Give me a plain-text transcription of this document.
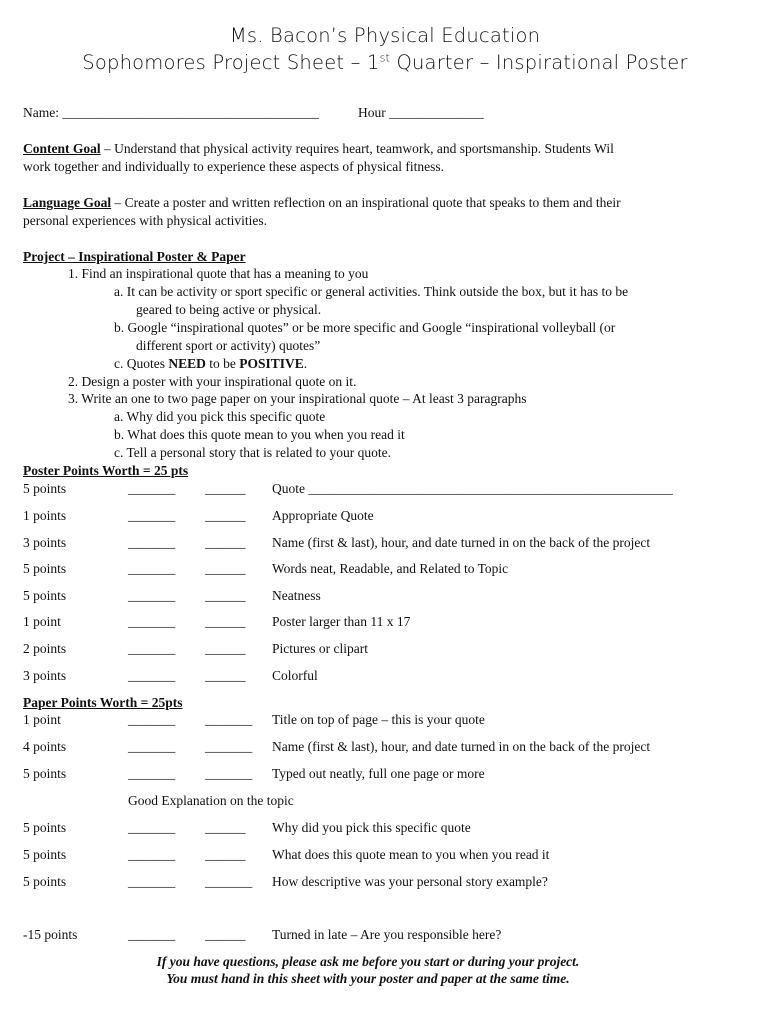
Ms. Bacon’s Physical Education
Sophomores Project Sheet – 1st Quarter – Inspirational Poster
Name: ______________________________________	Hour ______________
Content Goal – Understand that physical activity requires heart, teamwork, and sportsmanship. Students Wil
work together and individually to experience these aspects of physical fitness.
Language Goal – Create a poster and written reflection on an inspirational quote that speaks to them and their
personal experiences with physical activities.
Project – Inspirational Poster & Paper
1. Find an inspirational quote that has a meaning to you
a. It can be activity or sport specific or general activities. Think outside the box, but it has to be
geared to being active or physical.
b. Google “inspirational quotes” or be more specific and Google “inspirational volleyball (or
different sport or activity) quotes”
c. Quotes NEED to be POSITIVE.
2. Design a poster with your inspirational quote on it.
3. Write an one to two page paper on your inspirational quote – At least 3 paragraphs
a. Why did you pick this specific quote
b. What does this quote mean to you when you read it
c. Tell a personal story that is related to your quote.
Poster Points Worth = 25 pts
5 points	_______ ______ Quote ______________________________________________________
1 points	_______ ______ Appropriate Quote
3 points	_______ ______ Name (first & last), hour, and date turned in on the back of the project
5 points	_______ ______ Words neat, Readable, and Related to Topic
5 points	_______ ______ Neatness
1 point	_______ ______ Poster larger than 11 x 17
2 points	_______ ______ Pictures or clipart
3 points	_______ ______ Colorful
Paper Points Worth = 25pts
1 point	_______ _______ Title on top of page – this is your quote
4 points	_______ _______ Name (first & last), hour, and date turned in on the back of the project
5 points	_______ _______ Typed out neatly, full one page or more
Good Explanation on the topic
5 points	_______ ______ Why did you pick this specific quote
5 points	_______ ______ What does this quote mean to you when you read it
5 points	_______ _______ How descriptive was your personal story example?
-15 points	_______ ______ Turned in late – Are you responsible here?
If you have questions, please ask me before you start or during your project.
You must hand in this sheet with your poster and paper at the same time.
